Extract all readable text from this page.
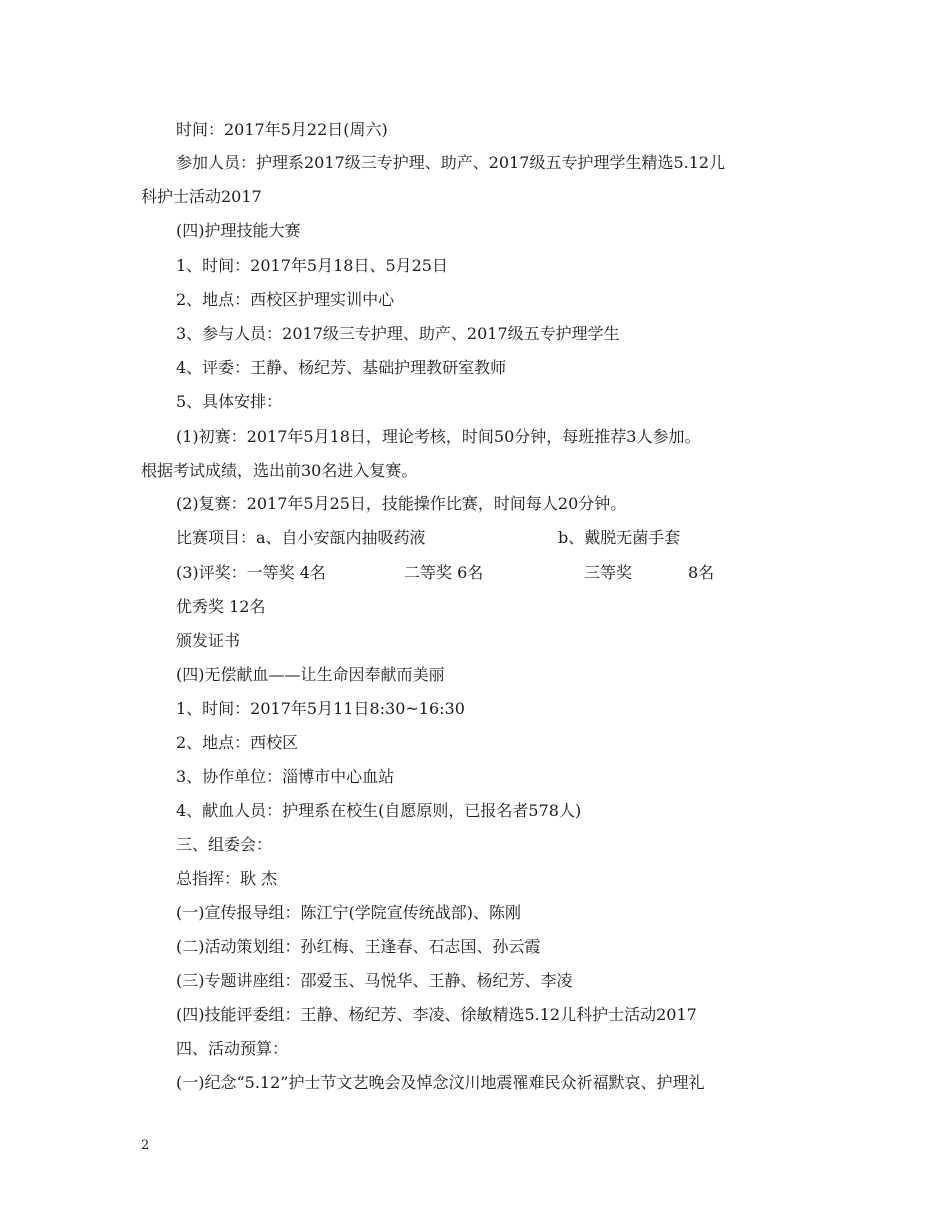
时间：2017年5月22日(周六)
参加人员：护理系2017级三专护理、助产、2017级五专护理学生精选5.12儿
科护士活动2017
(四)护理技能大赛
1、时间：2017年5月18日、5月25日
2、地点：西校区护理实训中心
3、参与人员：2017级三专护理、助产、2017级五专护理学生
4、评委：王静、杨纪芳、基础护理教研室教师
5、具体安排：
(1)初赛：2017年5月18日，理论考核，时间50分钟，每班推荐3人参加。
根据考试成绩，选出前30名进入复赛。
(2)复赛：2017年5月25日，技能操作比赛，时间每人20分钟。

比赛项目：a、自小安瓿内抽吸药液

	b、戴脱无菌手套

(3)评奖：一等奖 4名

	二等奖 6名

	三等奖

	8名

优秀奖 12名
颁发证书
(四)无偿献血——让生命因奉献而美丽
1、时间：2017年5月11日8:30~16:30
2、地点：西校区
3、协作单位：淄博市中心血站
4、献血人员：护理系在校生(自愿原则，已报名者578人)
三、组委会：
总指挥：耿 杰
(一)宣传报导组：陈江宁(学院宣传统战部)、陈刚
(二)活动策划组：孙红梅、王逢春、石志国、孙云霞
(三)专题讲座组：邵爱玉、马悦华、王静、杨纪芳、李凌
(四)技能评委组：王静、杨纪芳、李凌、徐敏精选5.12儿科护士活动2017
四、活动预算：
(一)纪念“5.12”护士节文艺晚会及悼念汶川地震罹难民众祈福默哀、护理礼
2
